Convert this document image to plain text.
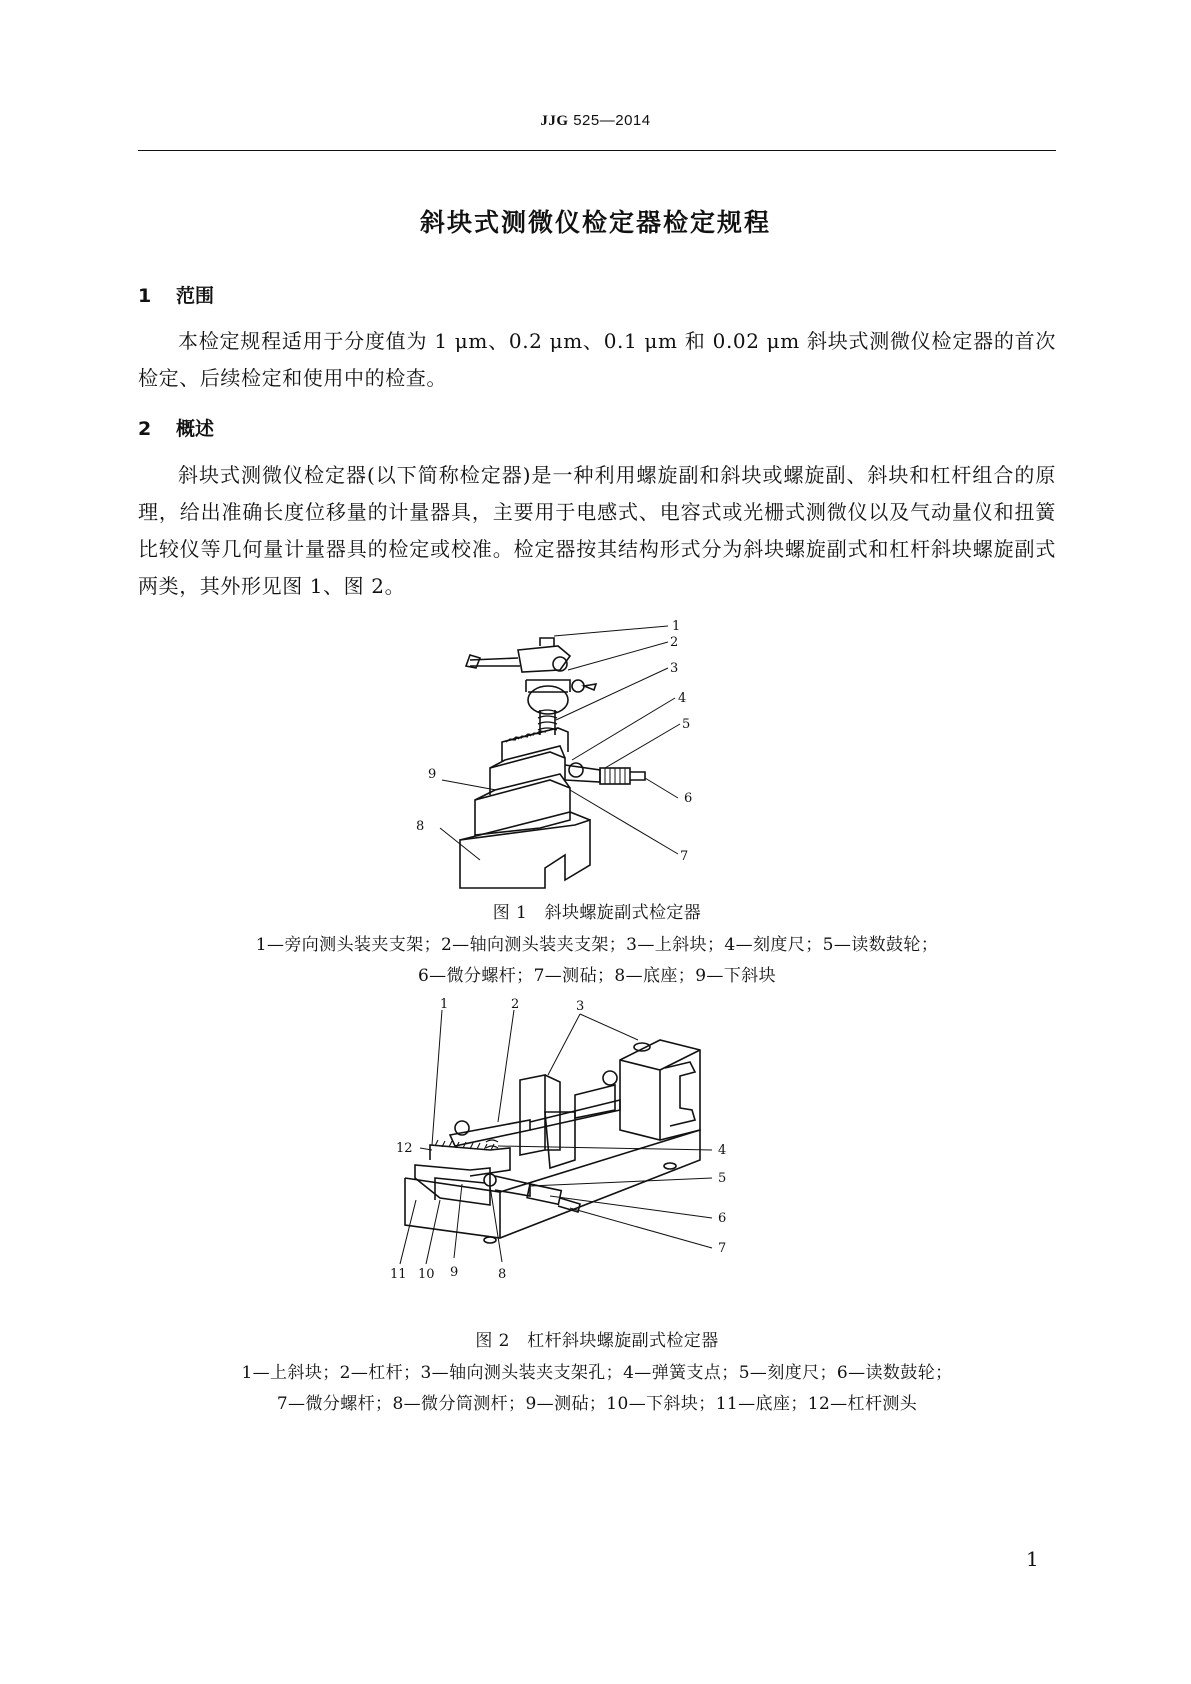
JJG 525—2014
斜块式测微仪检定器检定规程
1 范围

本检定规程适用于分度值为 1 μm、0.2 μm、0.1 μm 和 0.02 μm 斜块式测微仪检定器的首次检定、后续检定和使用中的检查。

2 概述

斜块式测微仪检定器(以下简称检定器)是一种利用螺旋副和斜块或螺旋副、斜块和杠杆组合的原理，给出准确长度位移量的计量器具，主要用于电感式、电容式或光栅式测微仪以及气动量仪和扭簧比较仪等几何量计量器具的检定或校准。检定器按其结构形式分为斜块螺旋副式和杠杆斜块螺旋副式两类，其外形见图 1、图 2。

1
2
3
4
5
6
7
8
9
图 1　斜块螺旋副式检定器
1—旁向测头装夹支架；2—轴向测头装夹支架；3—上斜块；4—刻度尺；5—读数鼓轮；
6—微分螺杆；7—测砧；8—底座；9—下斜块
1	2	3
4
5
6
7
8
9
10
11
12
图 2　杠杆斜块螺旋副式检定器
1—上斜块；2—杠杆；3—轴向测头装夹支架孔；4—弹簧支点；5—刻度尺；6—读数鼓轮；
7—微分螺杆；8—微分筒测杆；9—测砧；10—下斜块；11—底座；12—杠杆测头
1
